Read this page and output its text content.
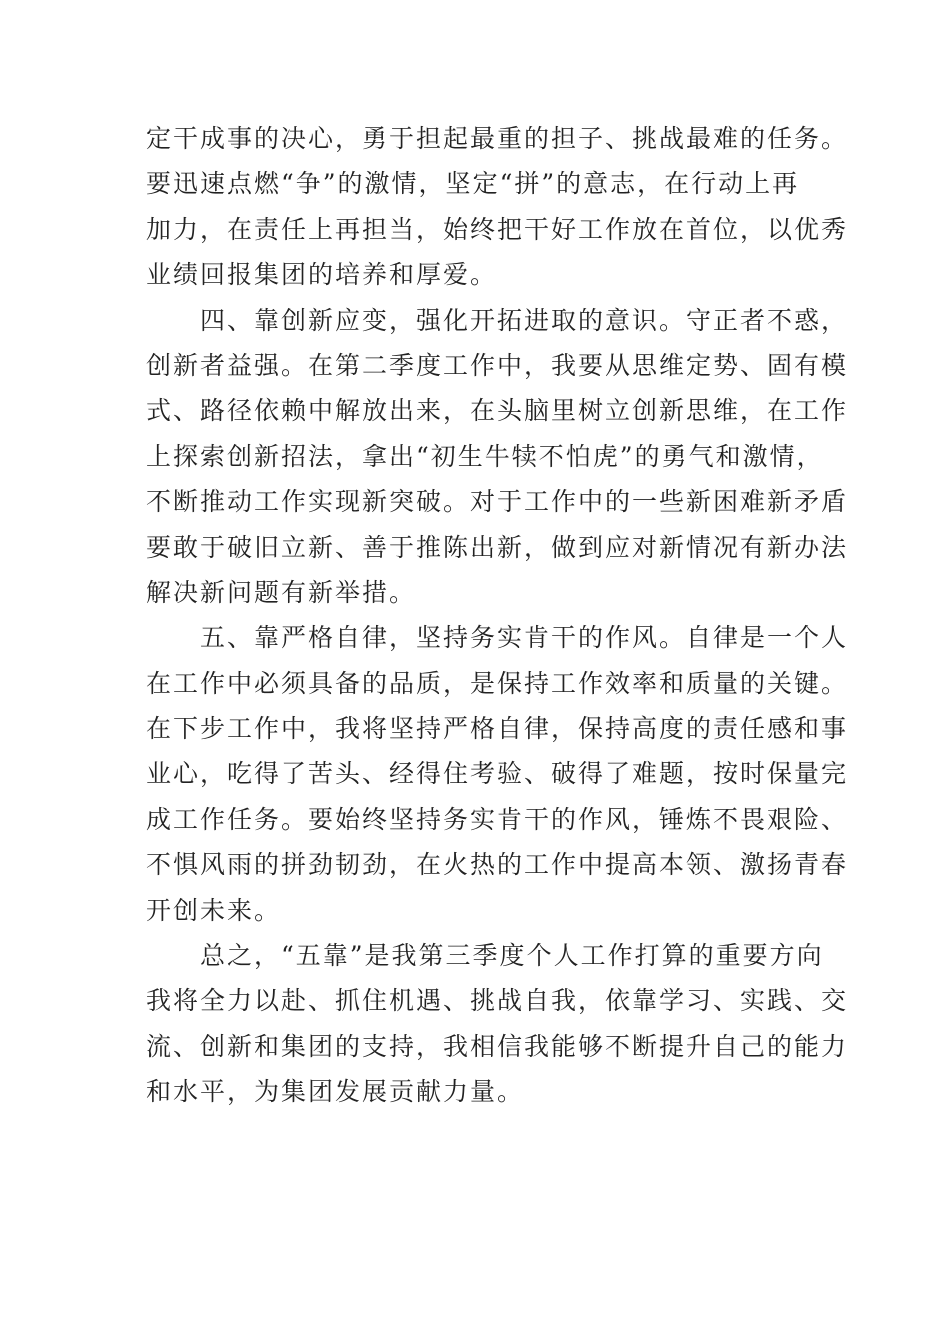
定干成事的决心，勇于担起最重的担子、挑战最难的任务。
要迅速点燃“争”的激情，坚定“拼”的意志，在行动上再
加力，在责任上再担当，始终把干好工作放在首位，以优秀
业绩回报集团的培养和厚爱。

四、靠创新应变，强化开拓进取的意识。守正者不惑，
创新者益强。在第二季度工作中，我要从思维定势、固有模
式、路径依赖中解放出来，在头脑里树立创新思维，在工作
上探索创新招法，拿出“初生牛犊不怕虎”的勇气和激情，
不断推动工作实现新突破。对于工作中的一些新困难新矛盾
要敢于破旧立新、善于推陈出新，做到应对新情况有新办法
解决新问题有新举措。

五、靠严格自律，坚持务实肯干的作风。自律是一个人
在工作中必须具备的品质，是保持工作效率和质量的关键。
在下步工作中，我将坚持严格自律，保持高度的责任感和事
业心，吃得了苦头、经得住考验、破得了难题，按时保量完
成工作任务。要始终坚持务实肯干的作风，锤炼不畏艰险、
不惧风雨的拼劲韧劲，在火热的工作中提高本领、激扬青春
开创未来。

总之，“五靠”是我第三季度个人工作打算的重要方向
我将全力以赴、抓住机遇、挑战自我，依靠学习、实践、交
流、创新和集团的支持，我相信我能够不断提升自己的能力
和水平，为集团发展贡献力量。
